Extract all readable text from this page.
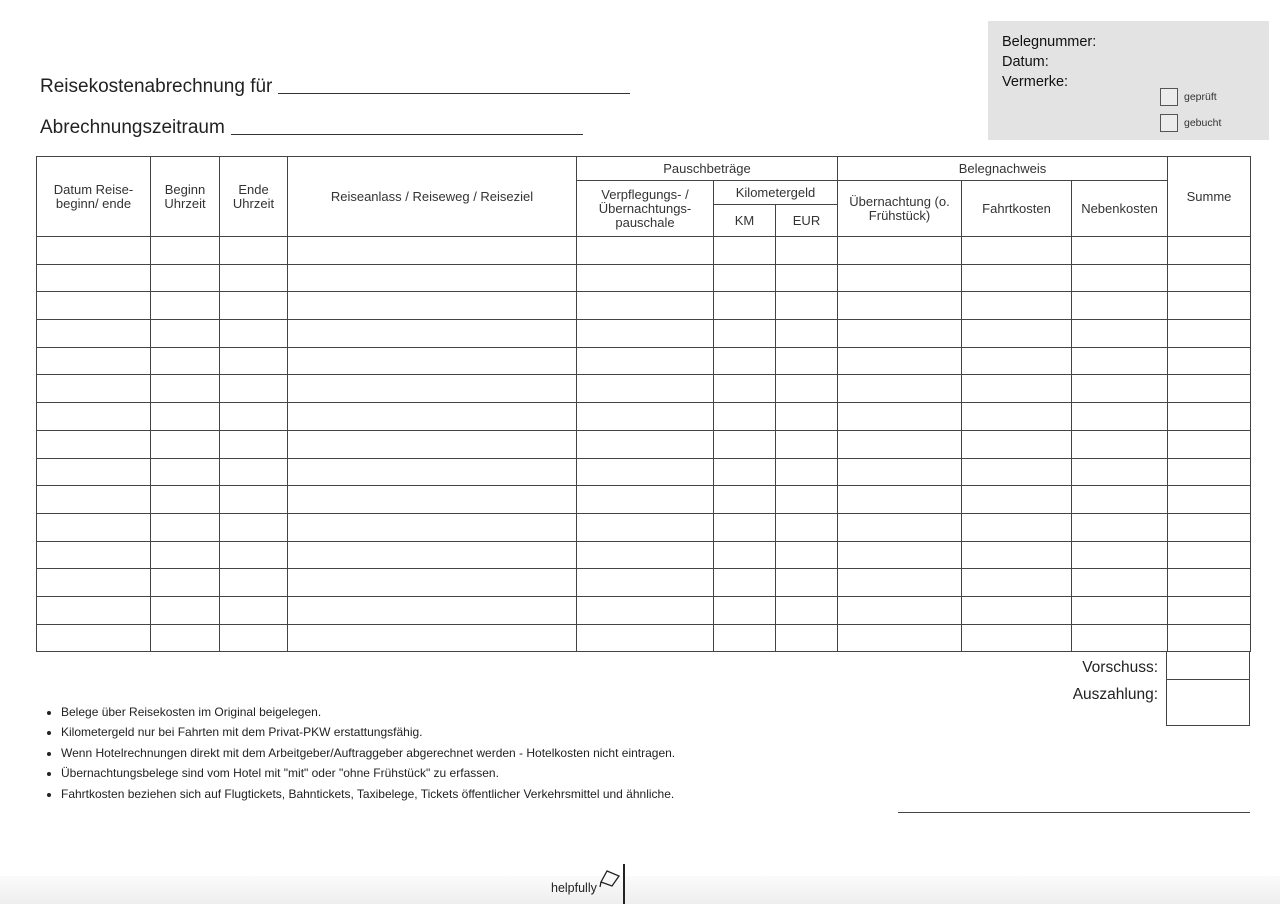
Reisekostenabrechnung für
Abrechnungszeitraum
Belegnummer:
Datum:
Vermerke:
geprüft
gebucht
Datum Reise-beginn/ ende	Beginn Uhrzeit	Ende Uhrzeit	Reiseanlass / Reiseweg / Reiseziel	Pauschbeträge			Belegnachweis			Summe
				Verpflegungs- /Übernachtungs-pauschale	Kilometergeld		Übernachtung (o. Frühstück)	Fahrtkosten	Nebenkosten	
					KM	EUR				

Vorschuss:
Auszahlung:
• Belege über Reisekosten im Original beigelegen.
• Kilometergeld nur bei Fahrten mit dem Privat-PKW erstattungsfähig.
• Wenn Hotelrechnungen direkt mit dem Arbeitgeber/Auftraggeber abgerechnet werden - Hotelkosten nicht eintragen.
• Übernachtungsbelege sind vom Hotel mit "mit" oder "ohne Frühstück" zu erfassen.
• Fahrtkosten beziehen sich auf Flugtickets, Bahntickets, Taxibelege, Tickets öffentlicher Verkehrsmittel und ähnliche.
helpfully
